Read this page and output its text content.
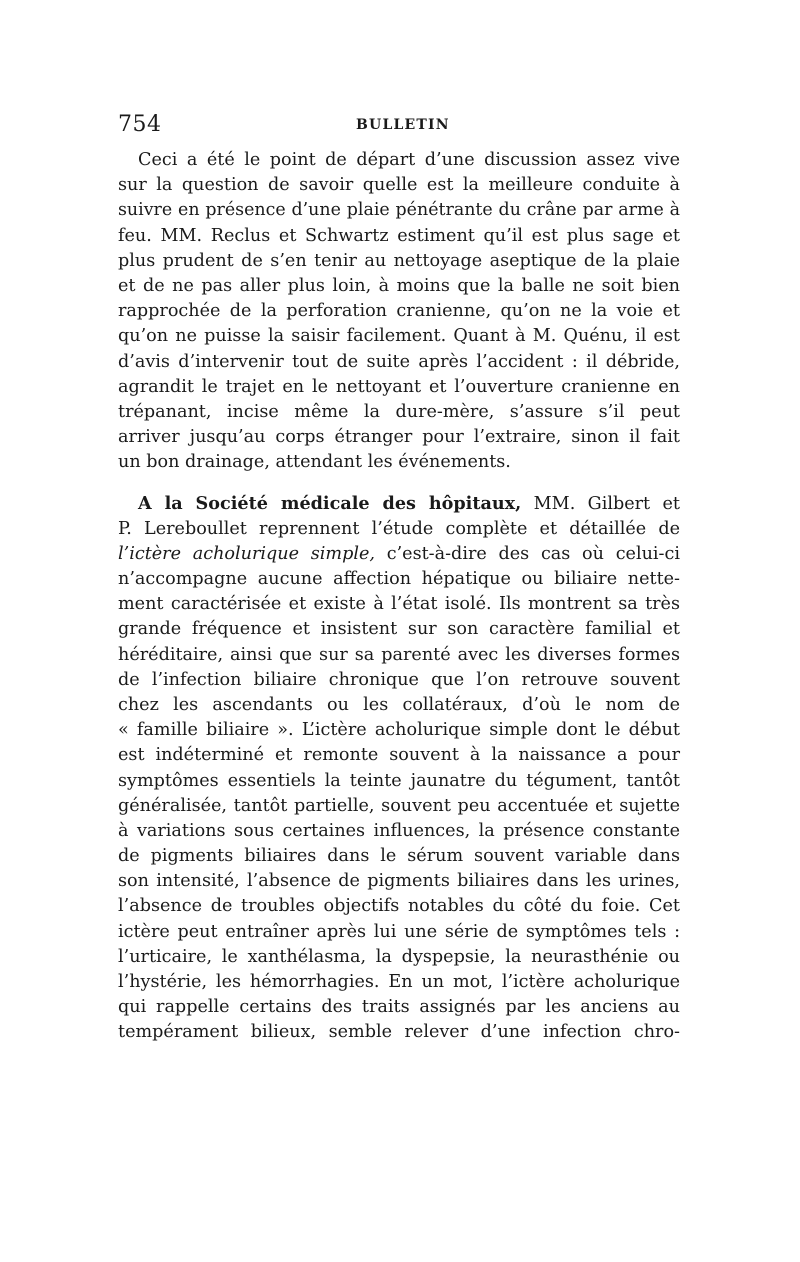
754	BULLETIN
Ceci a été le point de départ d’une discussion assez vive
sur la question de savoir quelle est la meilleure conduite à
suivre en présence d’une plaie pénétrante du crâne par arme à
feu. MM. Reclus et Schwartz estiment qu’il est plus sage et
plus prudent de s’en tenir au nettoyage aseptique de la plaie
et de ne pas aller plus loin, à moins que la balle ne soit bien
rapprochée de la perforation cranienne, qu’on ne la voie et
qu’on ne puisse la saisir facilement. Quant à M. Quénu, il est
d’avis d’intervenir tout de suite après l’accident : il débride,
agrandit le trajet en le nettoyant et l’ouverture cranienne en
trépanant, incise même la dure-mère, s’assure s’il peut
arriver jusqu’au corps étranger pour l’extraire, sinon il fait
un bon drainage, attendant les événements.
A la Société médicale des hôpitaux, MM. Gilbert et
P. Lereboullet reprennent l’étude complète et détaillée de
l’ictère acholurique simple, c’est-à-dire des cas où celui-ci
n’accompagne aucune affection hépatique ou biliaire nette-
ment caractérisée et existe à l’état isolé. Ils montrent sa très
grande fréquence et insistent sur son caractère familial et
héréditaire, ainsi que sur sa parenté avec les diverses formes
de l’infection biliaire chronique que l’on retrouve souvent
chez les ascendants ou les collatéraux, d’où le nom de
« famille biliaire ». L’ictère acholurique simple dont le début
est indéterminé et remonte souvent à la naissance a pour
symptômes essentiels la teinte jaunatre du tégument, tantôt
généralisée, tantôt partielle, souvent peu accentuée et sujette
à variations sous certaines influences, la présence constante
de pigments biliaires dans le sérum souvent variable dans
son intensité, l’absence de pigments biliaires dans les urines,
l’absence de troubles objectifs notables du côté du foie. Cet
ictère peut entraîner après lui une série de symptômes tels :
l’urticaire, le xanthélasma, la dyspepsie, la neurasthénie ou
l’hystérie, les hémorrhagies. En un mot, l’ictère acholurique
qui rappelle certains des traits assignés par les anciens au
tempérament bilieux, semble relever d’une infection chro-
